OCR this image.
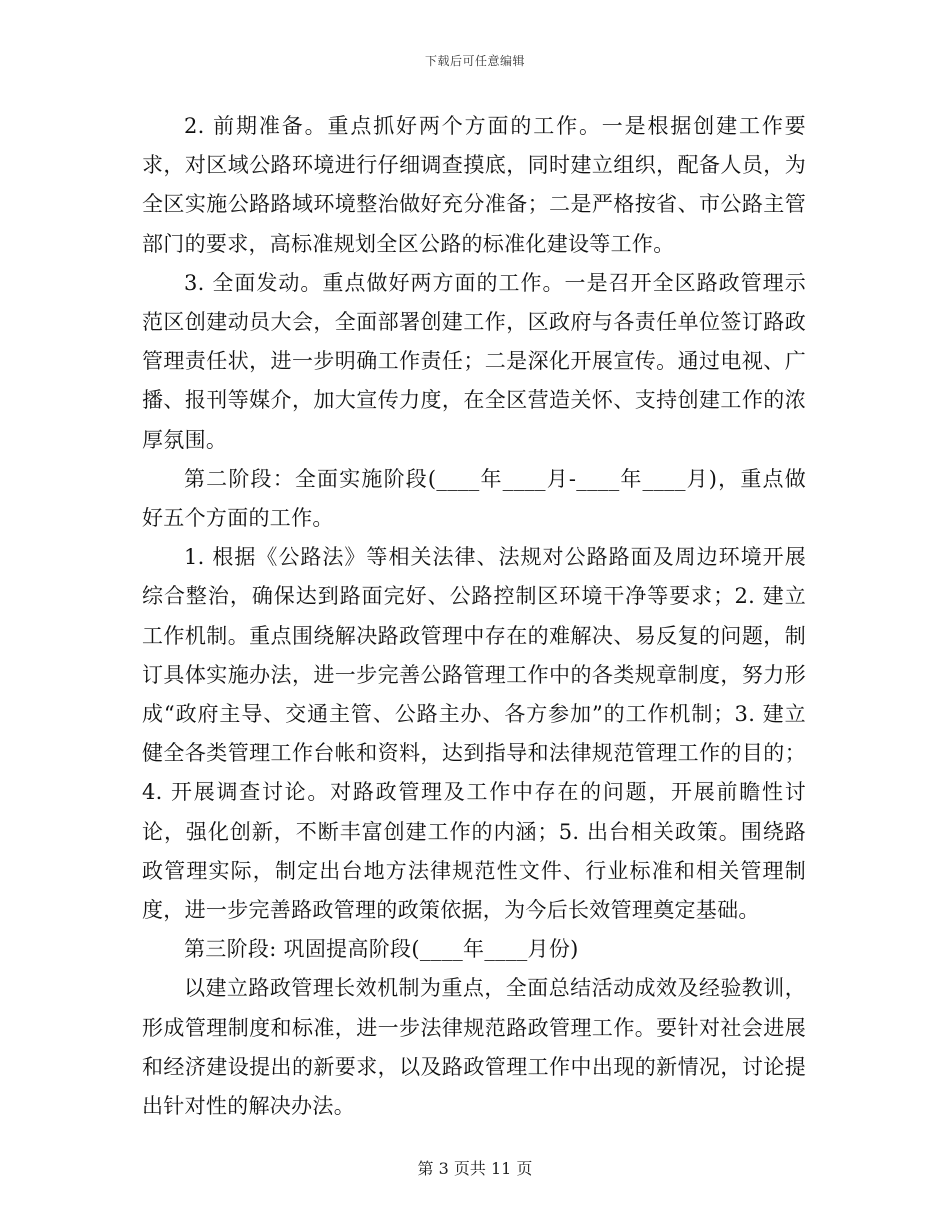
下载后可任意编辑

2. 前期准备。重点抓好两个方面的工作。一是根据创建工作要求，对区域公路环境进行仔细调查摸底，同时建立组织，配备人员，为全区实施公路路域环境整治做好充分准备；二是严格按省、市公路主管部门的要求，高标准规划全区公路的标准化建设等工作。

3. 全面发动。重点做好两方面的工作。一是召开全区路政管理示范区创建动员大会，全面部署创建工作，区政府与各责任单位签订路政管理责任状，进一步明确工作责任；二是深化开展宣传。通过电视、广播、报刊等媒介，加大宣传力度，在全区营造关怀、支持创建工作的浓厚氛围。

第二阶段：全面实施阶段(____年____月-____年____月)，重点做好五个方面的工作。

1. 根据《公路法》等相关法律、法规对公路路面及周边环境开展综合整治，确保达到路面完好、公路控制区环境干净等要求；2. 建立工作机制。重点围绕解决路政管理中存在的难解决、易反复的问题，制订具体实施办法，进一步完善公路管理工作中的各类规章制度，努力形成“政府主导、交通主管、公路主办、各方参加”的工作机制；3. 建立健全各类管理工作台帐和资料，达到指导和法律规范管理工作的目的；4. 开展调查讨论。对路政管理及工作中存在的问题，开展前瞻性讨论，强化创新，不断丰富创建工作的内涵；5. 出台相关政策。围绕路政管理实际，制定出台地方法律规范性文件、行业标准和相关管理制度，进一步完善路政管理的政策依据，为今后长效管理奠定基础。

第三阶段: 巩固提高阶段(____年____月份)

以建立路政管理长效机制为重点，全面总结活动成效及经验教训，形成管理制度和标准，进一步法律规范路政管理工作。要针对社会进展和经济建设提出的新要求，以及路政管理工作中出现的新情况，讨论提出针对性的解决办法。

第 3 页共 11 页
